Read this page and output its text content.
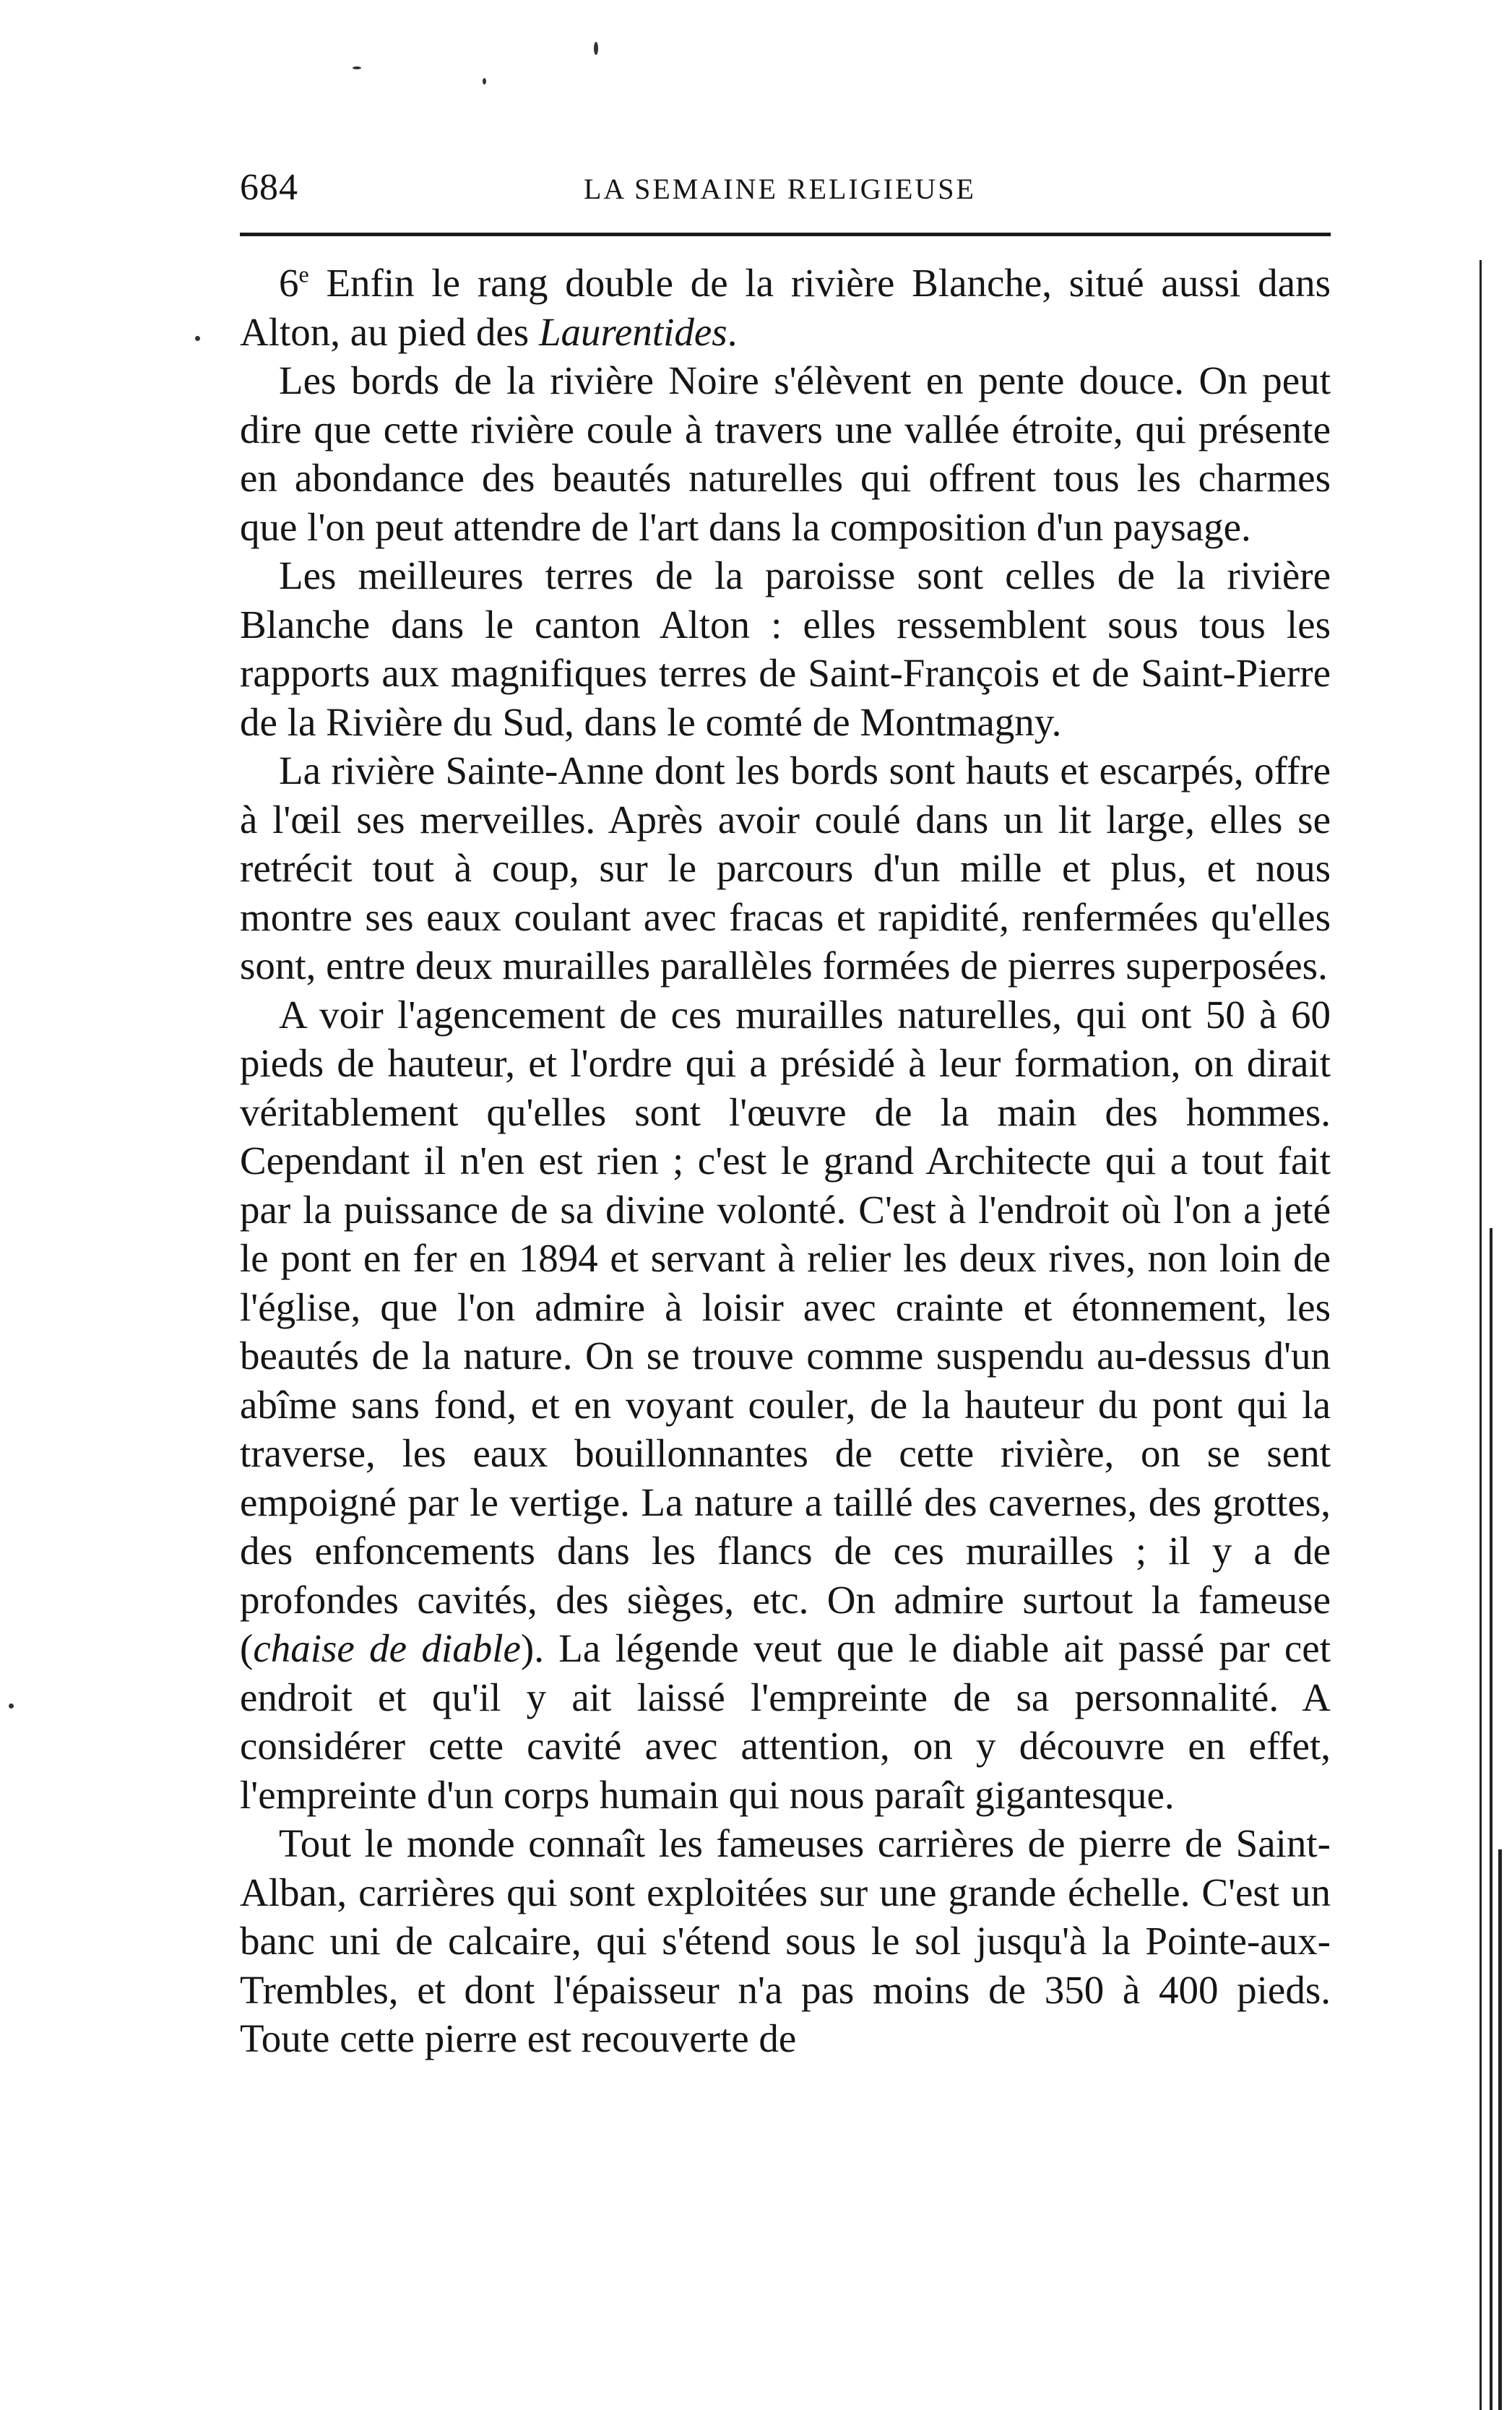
684	LA SEMAINE RELIGIEUSE

6e Enfin le rang double de la rivière Blanche, situé aussi dans Alton, au pied des Laurentides.

Les bords de la rivière Noire s'élèvent en pente douce. On peut dire que cette rivière coule à travers une vallée étroite, qui présente en abondance des beautés naturelles qui offrent tous les charmes que l'on peut attendre de l'art dans la composition d'un paysage.

Les meilleures terres de la paroisse sont celles de la rivière Blanche dans le canton Alton : elles ressemblent sous tous les rapports aux magnifiques terres de Saint-François et de Saint-Pierre de la Rivière du Sud, dans le comté de Montmagny.

La rivière Sainte-Anne dont les bords sont hauts et escarpés, offre à l'œil ses merveilles. Après avoir coulé dans un lit large, elles se retrécit tout à coup, sur le parcours d'un mille et plus, et nous montre ses eaux coulant avec fracas et rapidité, renfermées qu'elles sont, entre deux murailles parallèles formées de pierres superposées.

A voir l'agencement de ces murailles naturelles, qui ont 50 à 60 pieds de hauteur, et l'ordre qui a présidé à leur formation, on dirait véritablement qu'elles sont l'œuvre de la main des hommes. Cependant il n'en est rien ; c'est le grand Architecte qui a tout fait par la puissance de sa divine volonté. C'est à l'endroit où l'on a jeté le pont en fer en 1894 et servant à relier les deux rives, non loin de l'église, que l'on admire à loisir avec crainte et étonnement, les beautés de la nature. On se trouve comme suspendu au-dessus d'un abîme sans fond, et en voyant couler, de la hauteur du pont qui la traverse, les eaux bouillonnantes de cette rivière, on se sent empoigné par le vertige. La nature a taillé des cavernes, des grottes, des enfoncements dans les flancs de ces murailles ; il y a de profondes cavités, des sièges, etc. On admire surtout la fameuse (chaise de diable). La légende veut que le diable ait passé par cet endroit et qu'il y ait laissé l'empreinte de sa personnalité. A considérer cette cavité avec attention, on y découvre en effet, l'empreinte d'un corps humain qui nous paraît gigantesque.

Tout le monde connaît les fameuses carrières de pierre de Saint-Alban, carrières qui sont exploitées sur une grande échelle. C'est un banc uni de calcaire, qui s'étend sous le sol jusqu'à la Pointe-aux-Trembles, et dont l'épaisseur n'a pas moins de 350 à 400 pieds. Toute cette pierre est recouverte de
